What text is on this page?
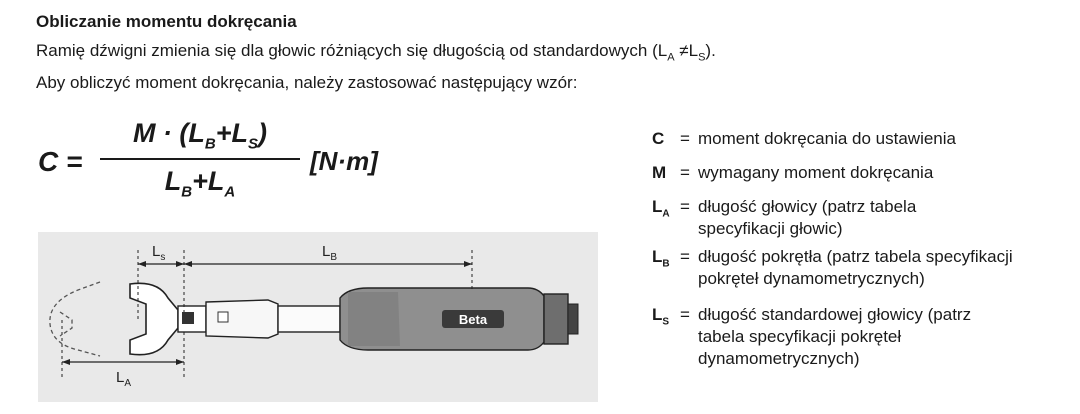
Obliczanie momentu dokręcania
Ramię dźwigni zmienia się dla głowic różniących się długością od standardowych $(L_A \ne L_S)$.
Aby obliczyć moment dokręcania, należy zastosować następujący wzór:
C =
$M \cdot (L_B+L_S)$
$L_B+L_A$
[N·m]
Beta
$L_s$	$L_B$
$L_A$
C = moment dokręcania do ustawienia
M = wymagany moment dokręcania
$L_A$ = długość głowicy (patrz tabela specyfikacji głowic)
$L_B$ = długość pokrętła (patrz tabela specyfikacji pokręteł dynamometrycznych)
$L_S$ = długość standardowej głowicy (patrz tabela specyfikacji pokręteł dynamometrycznych)
